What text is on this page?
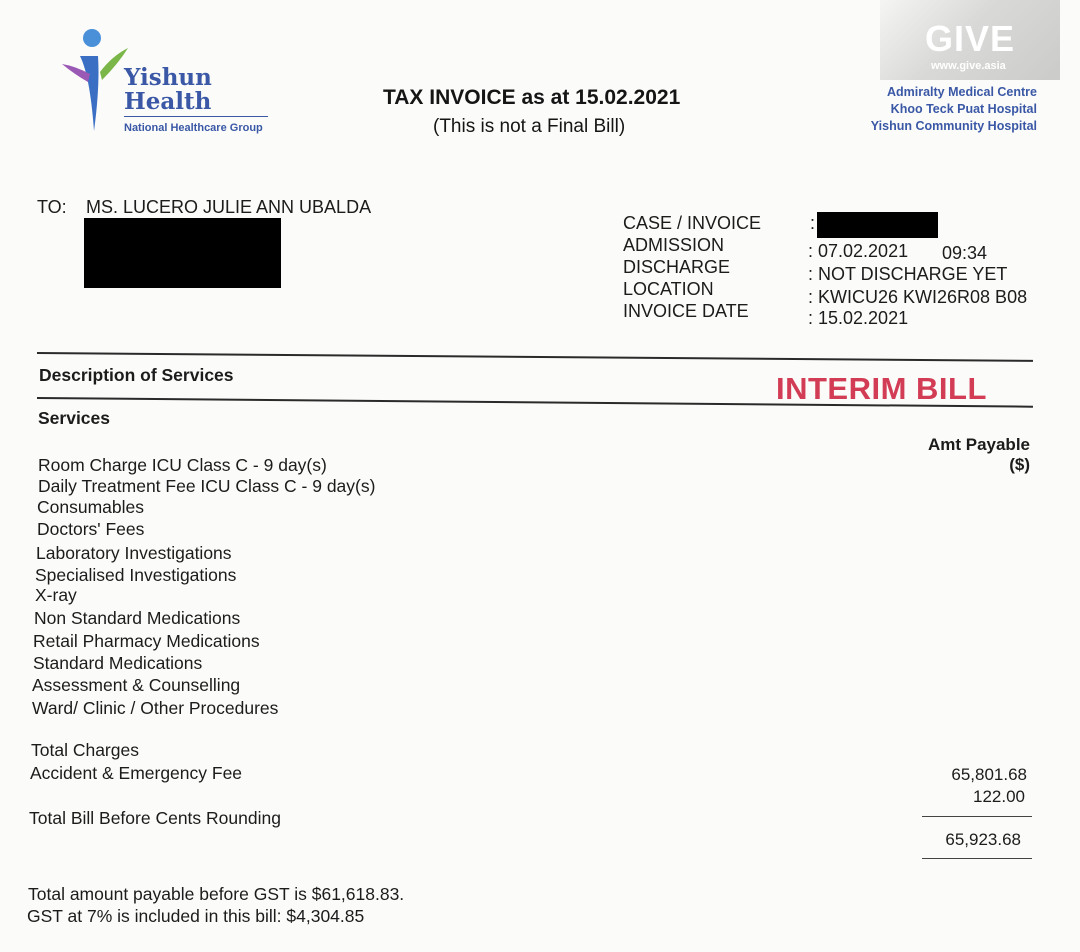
Yishun
Health
National Healthcare Group
TAX INVOICE as at 15.02.2021
(This is not a Final Bill)
GIVE
www.give.asia
Admiralty Medical Centre
Khoo Teck Puat Hospital
Yishun Community Hospital
TO: MS. LUCERO JULIE ANN UBALDA
CASE / INVOICE
ADMISSION
DISCHARGE
LOCATION
INVOICE DATE
:
: 07.02.2021 09:34
: NOT DISCHARGE YET
: KWICU26 KWI26R08 B08
: 15.02.2021
Description of Services	INTERIM BILL
Services
Amt Payable
($)
Room Charge ICU Class C - 9 day(s)
Daily Treatment Fee ICU Class C - 9 day(s)
Consumables
Doctors' Fees
Laboratory Investigations
Specialised Investigations
X-ray
Non Standard Medications
Retail Pharmacy Medications
Standard Medications
Assessment & Counselling
Ward/ Clinic / Other Procedures
Total Charges
Accident & Emergency Fee	65,801.68
122.00
Total Bill Before Cents Rounding
65,923.68
Total amount payable before GST is $61,618.83.
GST at 7% is included in this bill: $4,304.85
